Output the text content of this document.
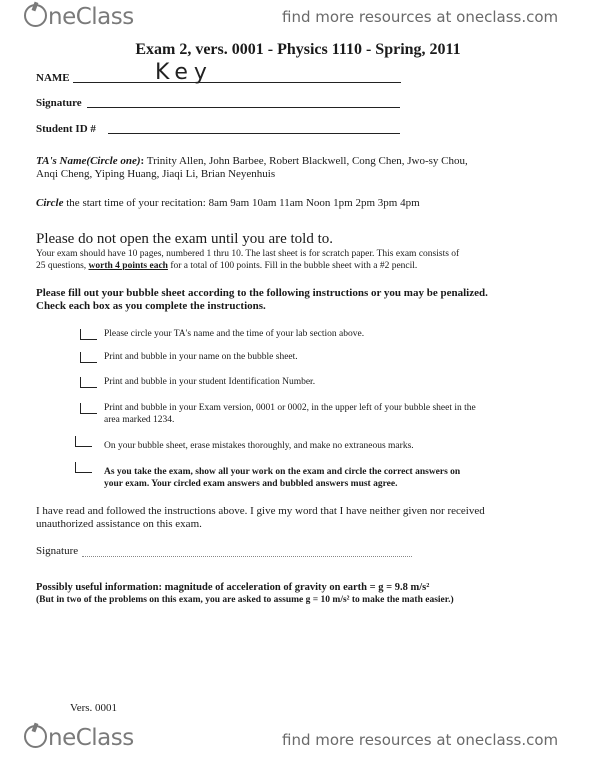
neClass	find more resources at oneclass.com
Exam 2, vers. 0001 - Physics 1110 - Spring, 2011
NAME	Key
Signature
Student ID #
TA's Name(Circle one): Trinity Allen, John Barbee, Robert Blackwell, Cong Chen, Jwo-sy Chou,
Anqi Cheng, Yiping Huang, Jiaqi Li, Brian Neyenhuis
Circle the start time of your recitation: 8am 9am 10am 11am Noon 1pm 2pm 3pm 4pm
Please do not open the exam until you are told to.
Your exam should have 10 pages, numbered 1 thru 10. The last sheet is for scratch paper. This exam consists of
25 questions, worth 4 points each for a total of 100 points. Fill in the bubble sheet with a #2 pencil.
Please fill out your bubble sheet according to the following instructions or you may be penalized.
Check each box as you complete the instructions.
Please circle your TA's name and the time of your lab section above.
Print and bubble in your name on the bubble sheet.
Print and bubble in your student Identification Number.
Print and bubble in your Exam version, 0001 or 0002, in the upper left of your bubble sheet in the
area marked 1234.
On your bubble sheet, erase mistakes thoroughly, and make no extraneous marks.
As you take the exam, show all your work on the exam and circle the correct answers on
your exam. Your circled exam answers and bubbled answers must agree.
I have read and followed the instructions above. I give my word that I have neither given nor received
unauthorized assistance on this exam.
Signature
Possibly useful information: magnitude of acceleration of gravity on earth = g = 9.8 m/s²
(But in two of the problems on this exam, you are asked to assume g = 10 m/s² to make the math easier.)
Vers. 0001
neClass	find more resources at oneclass.com
